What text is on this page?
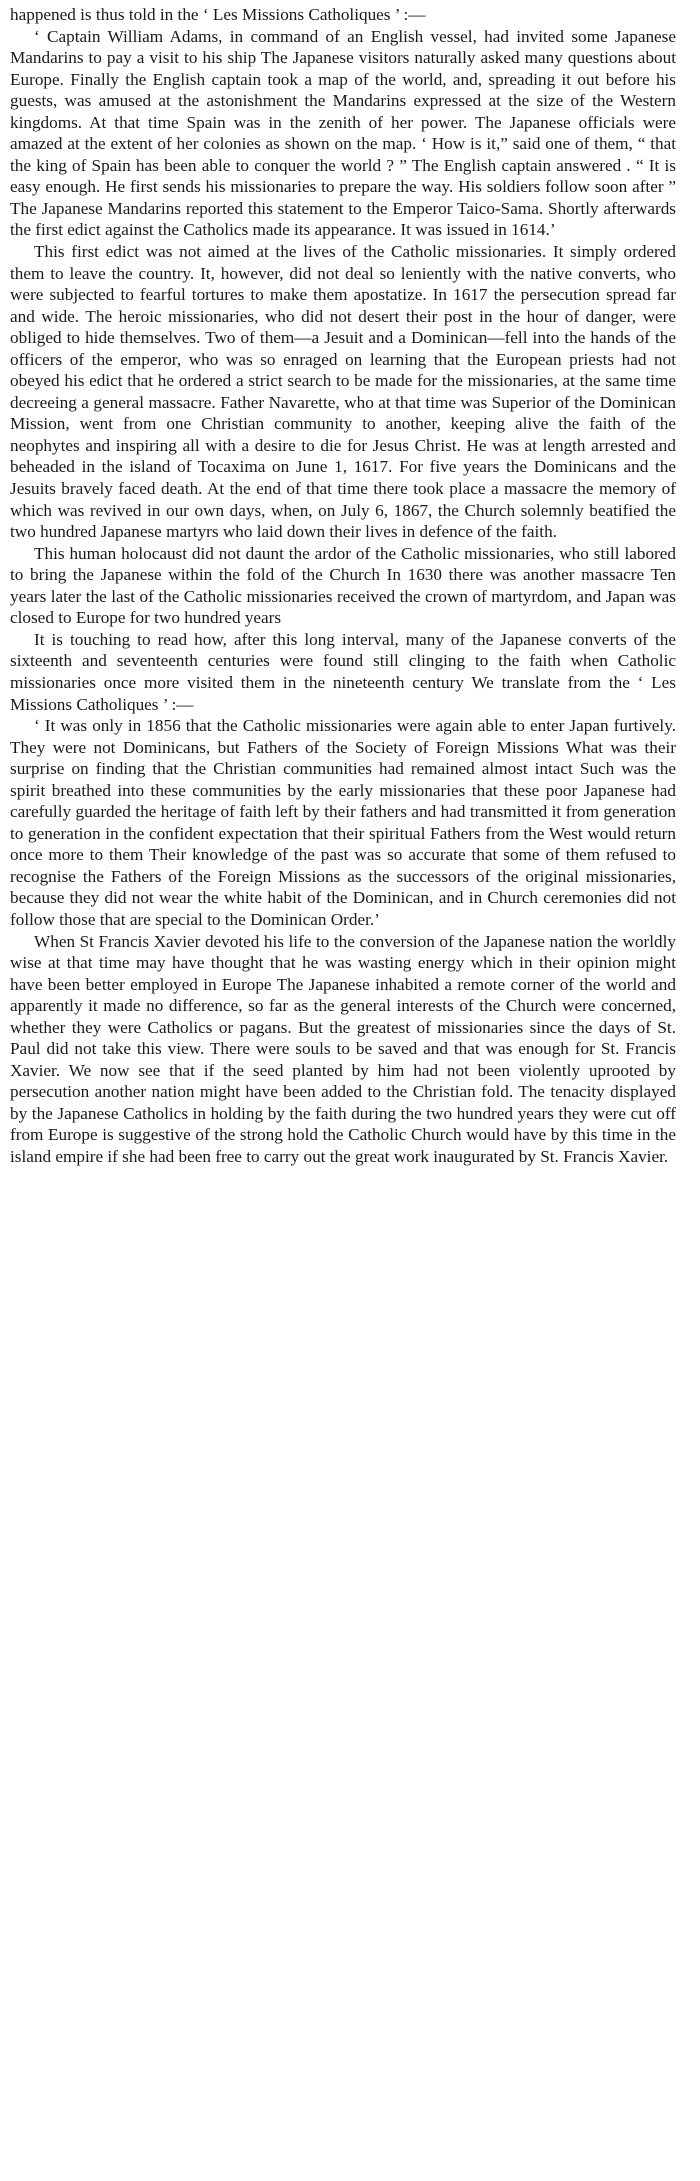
happened is thus told in the ‘ Les Missions Catholiques ’ :—

‘ Captain William Adams, in command of an English vessel, had invited some Japanese Mandarins to pay a visit to his ship The Japanese visitors naturally asked many questions about Europe. Finally the English captain took a map of the world, and, spreading it out before his guests, was amused at the astonishment the Mandarins expressed at the size of the Western kingdoms. At that time Spain was in the zenith of her power. The Japanese officials were amazed at the extent of her colonies as shown on the map. ‘ How is it,” said one of them, “ that the king of Spain has been able to conquer the world ? ” The English captain answered . “ It is easy enough. He first sends his missionaries to prepare the way. His soldiers follow soon after ” The Japanese Mandarins reported this statement to the Emperor Taico-Sama. Shortly afterwards the first edict against the Catholics made its appearance. It was issued in 1614.’

This first edict was not aimed at the lives of the Catholic missionaries. It simply ordered them to leave the country. It, however, did not deal so leniently with the native converts, who were subjected to fearful tortures to make them apostatize. In 1617 the persecution spread far and wide. The heroic missionaries, who did not desert their post in the hour of danger, were obliged to hide themselves. Two of them—a Jesuit and a Dominican—fell into the hands of the officers of the emperor, who was so enraged on learning that the European priests had not obeyed his edict that he ordered a strict search to be made for the missionaries, at the same time decreeing a general massacre. Father Navarette, who at that time was Superior of the Dominican Mission, went from one Christian community to another, keeping alive the faith of the neophytes and inspiring all with a desire to die for Jesus Christ. He was at length arrested and beheaded in the island of Tocaxima on June 1, 1617. For five years the Dominicans and the Jesuits bravely faced death. At the end of that time there took place a massacre the memory of which was revived in our own days, when, on July 6, 1867, the Church solemnly beatified the two hundred Japanese martyrs who laid down their lives in defence of the faith.

This human holocaust did not daunt the ardor of the Catholic missionaries, who still labored to bring the Japanese within the fold of the Church In 1630 there was another massacre Ten years later the last of the Catholic missionaries received the crown of martyrdom, and Japan was closed to Europe for two hundred years

It is touching to read how, after this long interval, many of the Japanese converts of the sixteenth and seventeenth centuries were found still clinging to the faith when Catholic missionaries once more visited them in the nineteenth century We translate from the ‘ Les Missions Catholiques ’ :—

‘ It was only in 1856 that the Catholic missionaries were again able to enter Japan furtively. They were not Dominicans, but Fathers of the Society of Foreign Missions What was their surprise on finding that the Christian communities had remained almost intact Such was the spirit breathed into these communities by the early missionaries that these poor Japanese had carefully guarded the heritage of faith left by their fathers and had transmitted it from generation to generation in the confident expectation that their spiritual Fathers from the West would return once more to them Their knowledge of the past was so accurate that some of them refused to recognise the Fathers of the Foreign Missions as the successors of the original missionaries, because they did not wear the white habit of the Dominican, and in Church ceremonies did not follow those that are special to the Dominican Order.’

When St Francis Xavier devoted his life to the conversion of the Japanese nation the worldly wise at that time may have thought that he was wasting energy which in their opinion might have been better employed in Europe The Japanese inhabited a remote corner of the world and apparently it made no difference, so far as the general interests of the Church were concerned, whether they were Catholics or pagans. But the greatest of missionaries since the days of St. Paul did not take this view. There were souls to be saved and that was enough for St. Francis Xavier. We now see that if the seed planted by him had not been violently uprooted by persecution another nation might have been added to the Christian fold. The tenacity displayed by the Japanese Catholics in holding by the faith during the two hundred years they were cut off from Europe is suggestive of the strong hold the Catholic Church would have by this time in the island empire if she had been free to carry out the great work inaugurated by St. Francis Xavier.
